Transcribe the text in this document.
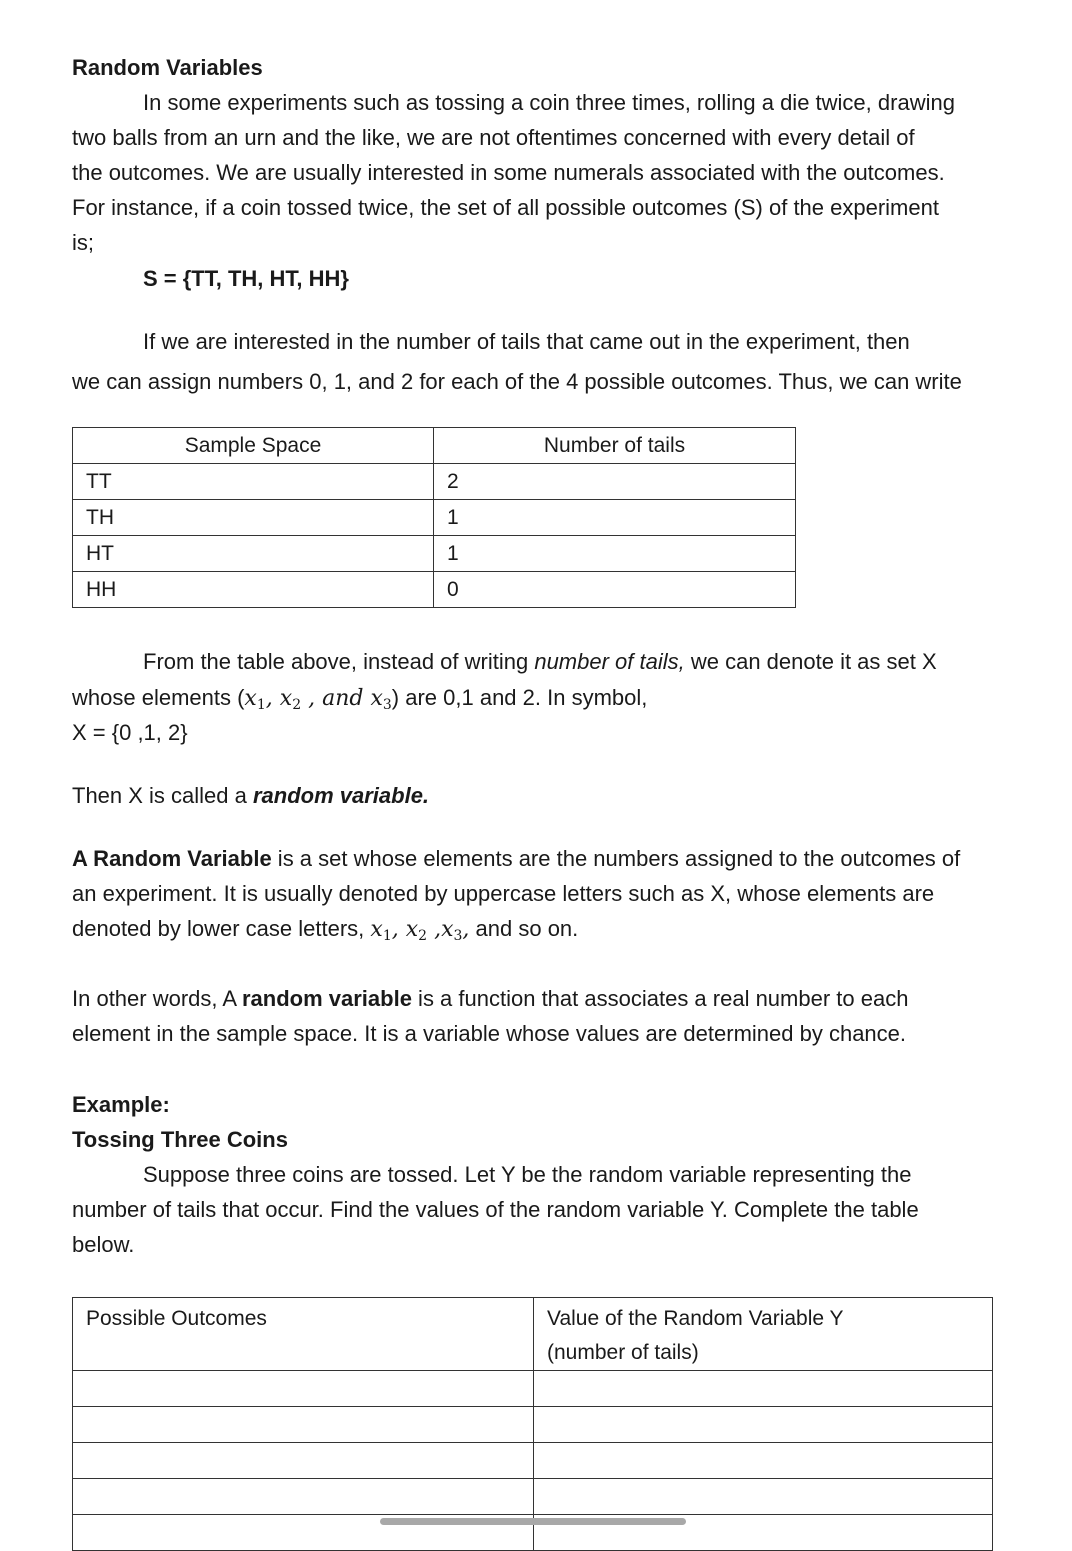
Random Variables
In some experiments such as tossing a coin three times, rolling a die twice, drawing
two balls from an urn and the like, we are not oftentimes concerned with every detail of
the outcomes. We are usually interested in some numerals associated with the outcomes.
For instance, if a coin tossed twice, the set of all possible outcomes (S) of the experiment
is;
S = {TT, TH, HT, HH}
If we are interested in the number of tails that came out in the experiment, then
we can assign numbers 0, 1, and 2 for each of the 4 possible outcomes. Thus, we can write
Sample Space	Number of tails
TT	2
TH	1
HT	1
HH	0
From the table above, instead of writing number of tails, we can denote it as set X
whose elements ($x_1$, $x_2$ , and $x_3$) are 0,1 and 2. In symbol,
X = {0 ,1, 2}
Then X is called a random variable.
A Random Variable is a set whose elements are the numbers assigned to the outcomes of
an experiment. It is usually denoted by uppercase letters such as X, whose elements are
denoted by lower case letters, $x_1$, $x_2$ $,x_3$, and so on.
In other words, A random variable is a function that associates a real number to each
element in the sample space. It is a variable whose values are determined by chance.
Example:
Tossing Three Coins
Suppose three coins are tossed. Let Y be the random variable representing the
number of tails that occur. Find the values of the random variable Y. Complete the table
below.
Possible Outcomes	Value of the Random Variable Y
(number of tails)
